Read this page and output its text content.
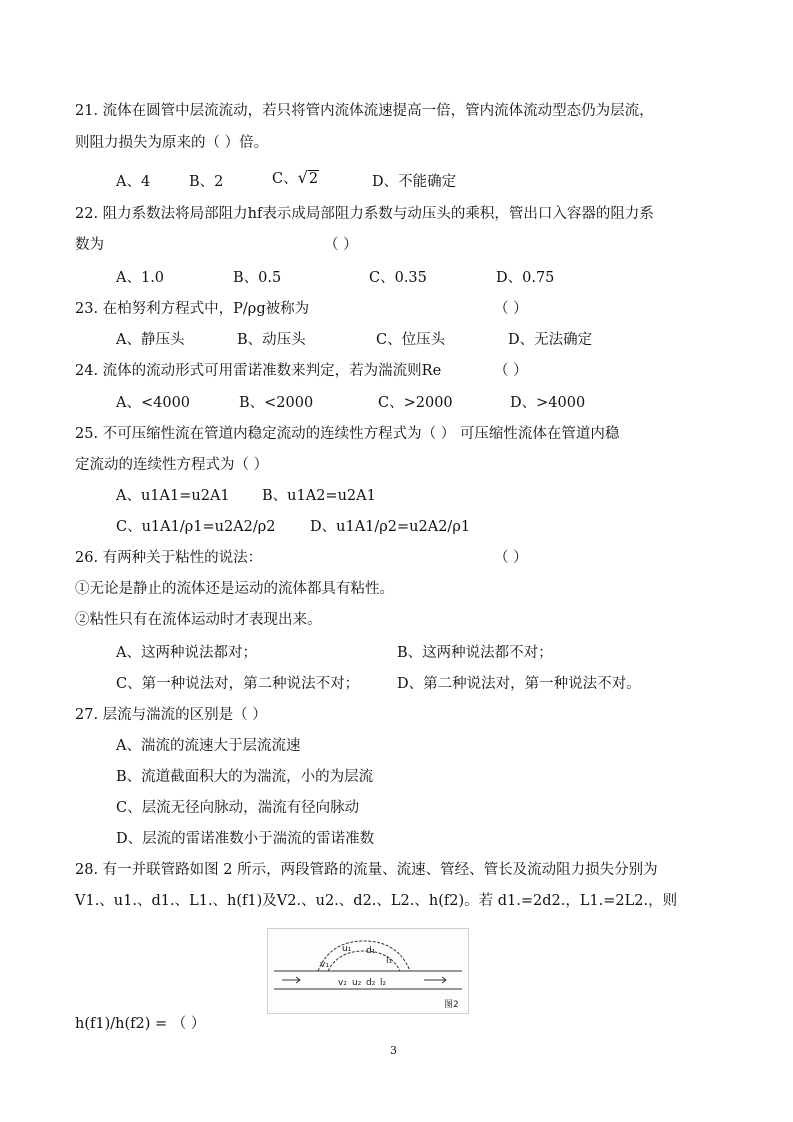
21. 流体在圆管中层流流动，若只将管内流体流速提高一倍，管内流体流动型态仍为层流，
则阻力损失为原来的（ ）倍。
A、4	B、2	C、√2	D、不能确定
22. 阻力系数法将局部阻力hf表示成局部阻力系数与动压头的乘积，管出口入容器的阻力系
数为	（ ）
A、1.0	B、0.5	C、0.35	D、0.75
23. 在柏努利方程式中，P/ρg被称为	（ ）
A、静压头	B、动压头	C、位压头	D、无法确定
24. 流体的流动形式可用雷诺准数来判定，若为湍流则Re	（ ）
A、<4000	B、<2000	C、>2000	D、>4000
25. 不可压缩性流在管道内稳定流动的连续性方程式为（ ） 可压缩性流体在管道内稳
定流动的连续性方程式为（ ）
A、u1A1=u2A1 B、u1A2=u2A1
C、u1A1/ρ1=u2A2/ρ2 D、u1A1/ρ2=u2A2/ρ1
26. 有两种关于粘性的说法：	（ ）
①无论是静止的流体还是运动的流体都具有粘性。
②粘性只有在流体运动时才表现出来。
A、这两种说法都对；	B、这两种说法都不对；
C、第一种说法对，第二种说法不对；	D、第二种说法对，第一种说法不对。
27. 层流与湍流的区别是（ ）
A、湍流的流速大于层流流速
B、流道截面积大的为湍流，小的为层流
C、层流无径向脉动，湍流有径向脉动
D、层流的雷诺准数小于湍流的雷诺准数
28. 有一并联管路如图 2 所示，两段管路的流量、流速、管经、管长及流动阻力损失分别为
V1.、u1.、d1.、L1.、h(f1)及V2.、u2.、d2.、L2.、h(f2)。若 d1.=2d2.，L1.=2L2.，则
u₁ d₁
l₁
v₁
v₂ u₂ d₂ l₂
图2
h(f1)/h(f2) = （ ）
3
